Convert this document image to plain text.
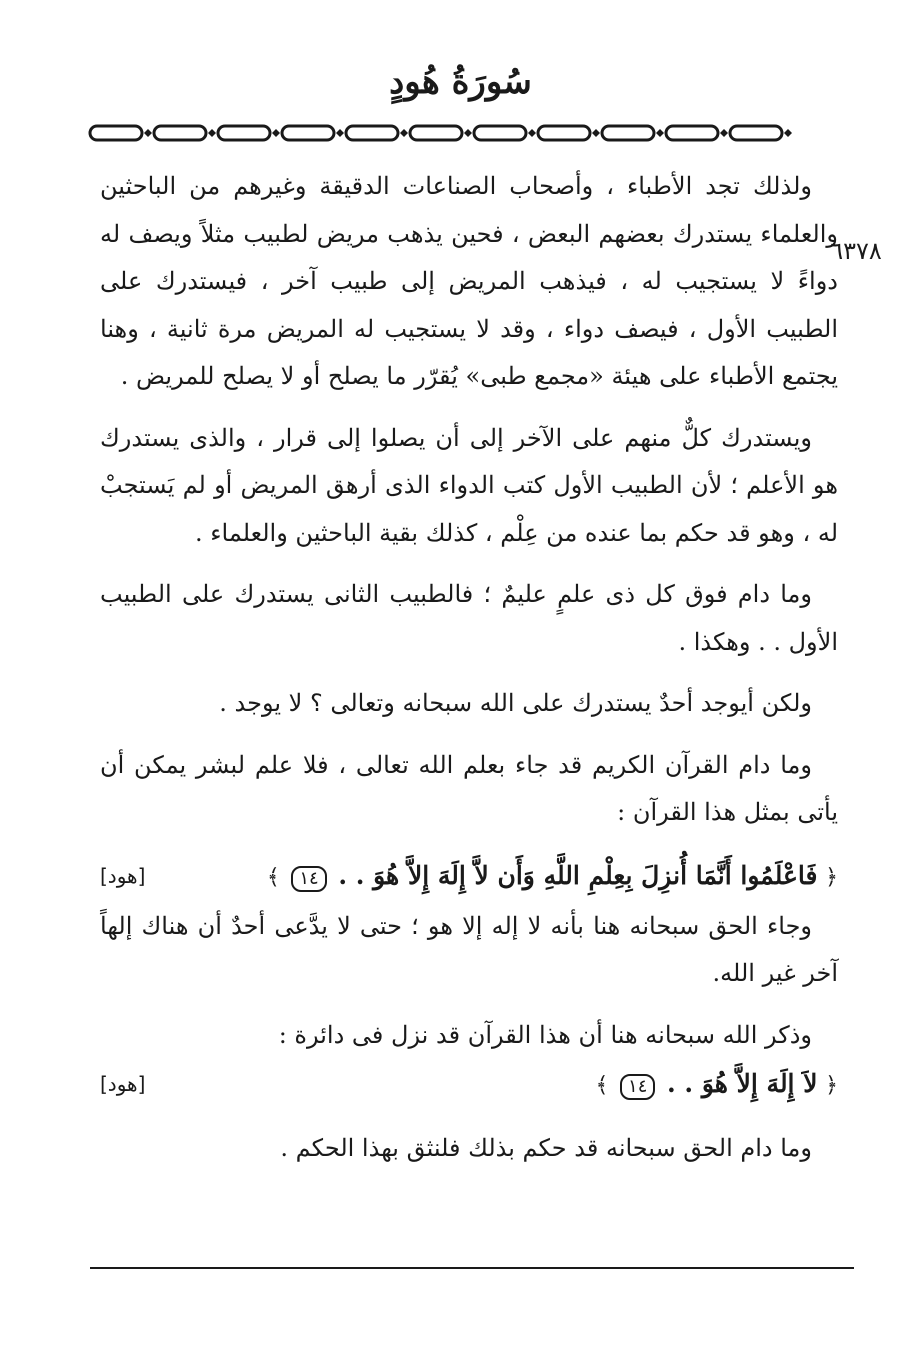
سُورَةُ هُودٍ
٦٣٧٨

ولذلك تجد الأطباء ، وأصحاب الصناعات الدقيقة وغيرهم من الباحثين والعلماء يستدرك بعضهم البعض ، فحين يذهب مريض لطبيب مثلاً ويصف له دواءً لا يستجيب له ، فيذهب المريض إلى طبيب آخر ، فيستدرك على الطبيب الأول ، فيصف دواء ، وقد لا يستجيب له المريض مرة ثانية ، وهنا يجتمع الأطباء على هيئة «مجمع طبى» يُقرّر ما يصلح أو لا يصلح للمريض .

ويستدرك كلٌّ منهم على الآخر إلى أن يصلوا إلى قرار ، والذى يستدرك هو الأعلم ؛ لأن الطبيب الأول كتب الدواء الذى أرهق المريض أو لم يَستجبْ له ، وهو قد حكم بما عنده من عِلْم ، كذلك بقية الباحثين والعلماء .

وما دام فوق كل ذى علمٍ عليمٌ ؛ فالطبيب الثانى يستدرك على الطبيب الأول . . وهكذا .

ولكن أيوجد أحدٌ يستدرك على الله سبحانه وتعالى ؟ لا يوجد .

وما دام القرآن الكريم قد جاء بعلم الله تعالى ، فلا علم لبشر يمكن أن يأتى بمثل هذا القرآن :

﴿ فَاعْلَمُوا أَنَّمَا أُنزِلَ بِعِلْمِ اللَّهِ وَأَن لاَّ إِلَهَ إِلاَّ هُوَ . . ١٤ ﴾
[هود]

وجاء الحق سبحانه هنا بأنه لا إله إلا هو ؛ حتى لا يدَّعى أحدٌ أن هناك إلهاً آخر غير الله.

وذكر الله سبحانه هنا أن هذا القرآن قد نزل فى دائرة :

﴿ لاَ إِلَهَ إِلاَّ هُوَ . . ١٤ ﴾
[هود]

وما دام الحق سبحانه قد حكم بذلك فلنثق بهذا الحكم .
